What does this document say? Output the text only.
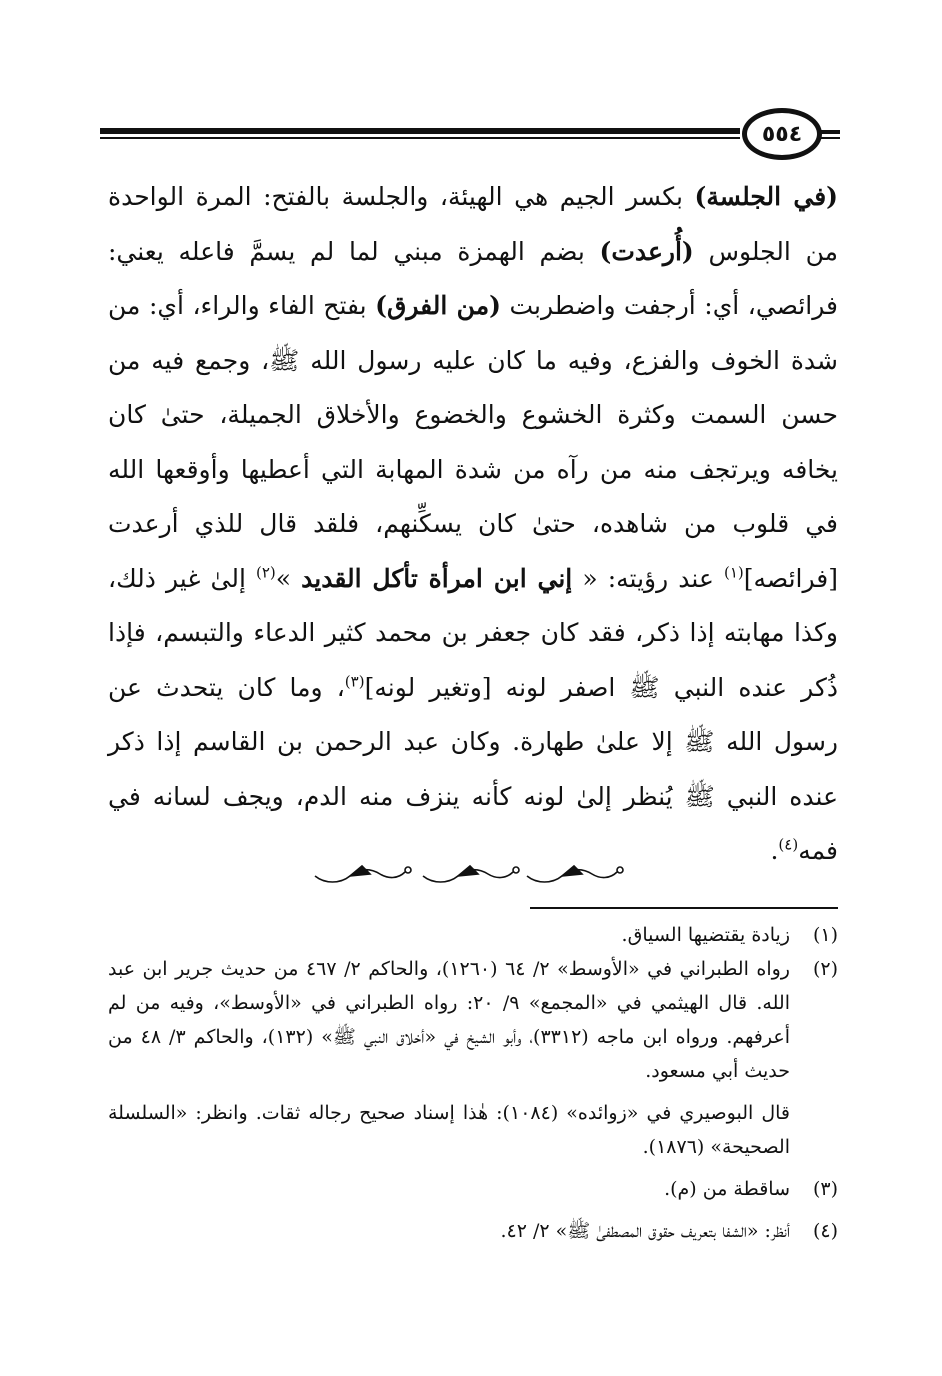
٥٥٤

(في الجلسة) بكسر الجيم هي الهيئة، والجلسة بالفتح: المرة الواحدة من الجلوس (أُرعدت) بضم الهمزة مبني لما لم يسمَّ فاعله يعني: فرائصي، أي: أرجفت واضطربت (من الفرق) بفتح الفاء والراء، أي: من شدة الخوف والفزع، وفيه ما كان عليه رسول الله ﷺ، وجمع فيه من حسن السمت وكثرة الخشوع والخضوع والأخلاق الجميلة، حتىٰ كان يخافه ويرتجف منه من رآه من شدة المهابة التي أعطيها وأوقعها الله في قلوب من شاهده، حتىٰ كان يسكِّنهم، فلقد قال للذي أرعدت [فرائصه]$^{(١)}$ عند رؤيته: « إني ابن امرأة تأكل القديد »$^{(٢)}$ إلىٰ غير ذلك، وكذا مهابته إذا ذكر، فقد كان جعفر بن محمد كثير الدعاء والتبسم، فإذا ذُكر عنده النبي ﷺ اصفر لونه [وتغير لونه]$^{(٣)}$، وما كان يتحدث عن رسول الله ﷺ إلا علىٰ طهارة. وكان عبد الرحمن بن القاسم إذا ذكر عنده النبي ﷺ يُنظر إلىٰ لونه كأنه ينزف منه الدم، ويجف لسانه في فمه$^{(٤)}$.

(١)
زيادة يقتضيها السياق.

(٢)
رواه الطبراني في «الأوسط» ٢/ ٦٤ (١٢٦٠)، والحاكم ٢/ ٤٦٧ من حديث جرير ابن عبد الله. قال الهيثمي في «المجمع» ٩/ ٢٠: رواه الطبراني في «الأوسط»، وفيه من لم أعرفهم. ورواه ابن ماجه (٣٣١٢)، وأبو الشيخ في «أخلاق النبي ﷺ» (١٣٢)، والحاكم ٣/ ٤٨ من حديث أبي مسعود.

قال البوصيري في «زوائده» (١٠٨٤): هٰذا إسناد صحيح رجاله ثقات. وانظر: «السلسلة الصحيحة» (١٨٧٦).

(٣)
ساقطة من (م).

(٤)
أنظر: «الشفا بتعريف حقوق المصطفىٰ ﷺ» ٢/ ٤٢.
